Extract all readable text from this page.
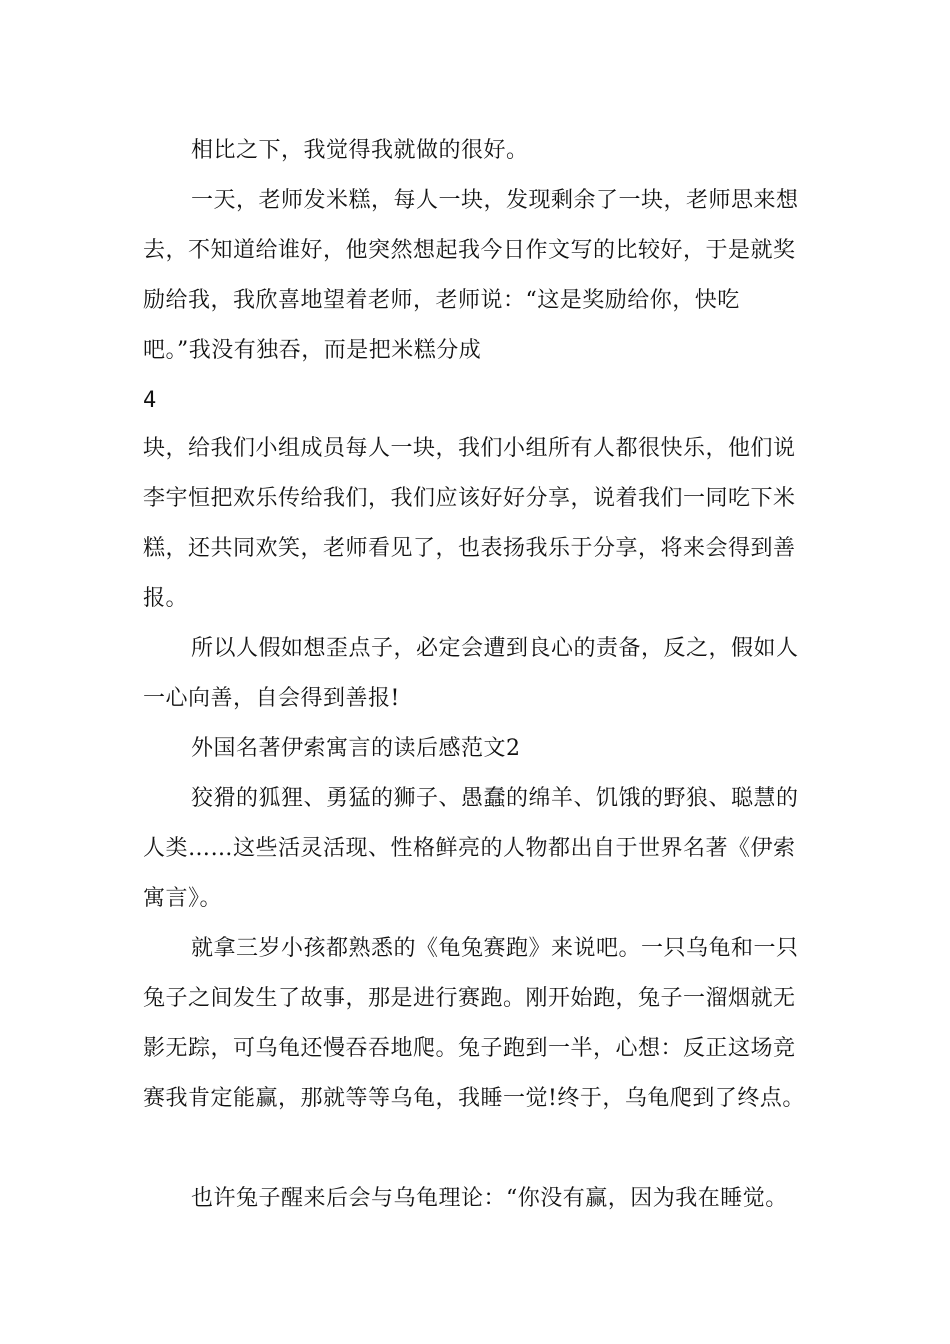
相比之下，我觉得我就做的很好。
一天，老师发米糕，每人一块，发现剩余了一块，老师思来想
去，不知道给谁好，他突然想起我今日作文写的比较好，于是就奖
励给我，我欣喜地望着老师，老师说：“这是奖励给你，快吃
吧。”我没有独吞，而是把米糕分成
4
块，给我们小组成员每人一块，我们小组所有人都很快乐，他们说
李宇恒把欢乐传给我们，我们应该好好分享，说着我们一同吃下米
糕，还共同欢笑，老师看见了，也表扬我乐于分享，将来会得到善
报。
所以人假如想歪点子，必定会遭到良心的责备，反之，假如人
一心向善，自会得到善报!
外国名著伊索寓言的读后感范文2
狡猾的狐狸、勇猛的狮子、愚蠢的绵羊、饥饿的野狼、聪慧的
人类……这些活灵活现、性格鲜亮的人物都出自于世界名著《伊索
寓言》。
就拿三岁小孩都熟悉的《龟兔赛跑》来说吧。一只乌龟和一只
兔子之间发生了故事，那是进行赛跑。刚开始跑，兔子一溜烟就无
影无踪，可乌龟还慢吞吞地爬。兔子跑到一半，心想：反正这场竞
赛我肯定能赢，那就等等乌龟，我睡一觉!终于，乌龟爬到了终点。
也许兔子醒来后会与乌龟理论：“你没有赢，因为我在睡觉。
